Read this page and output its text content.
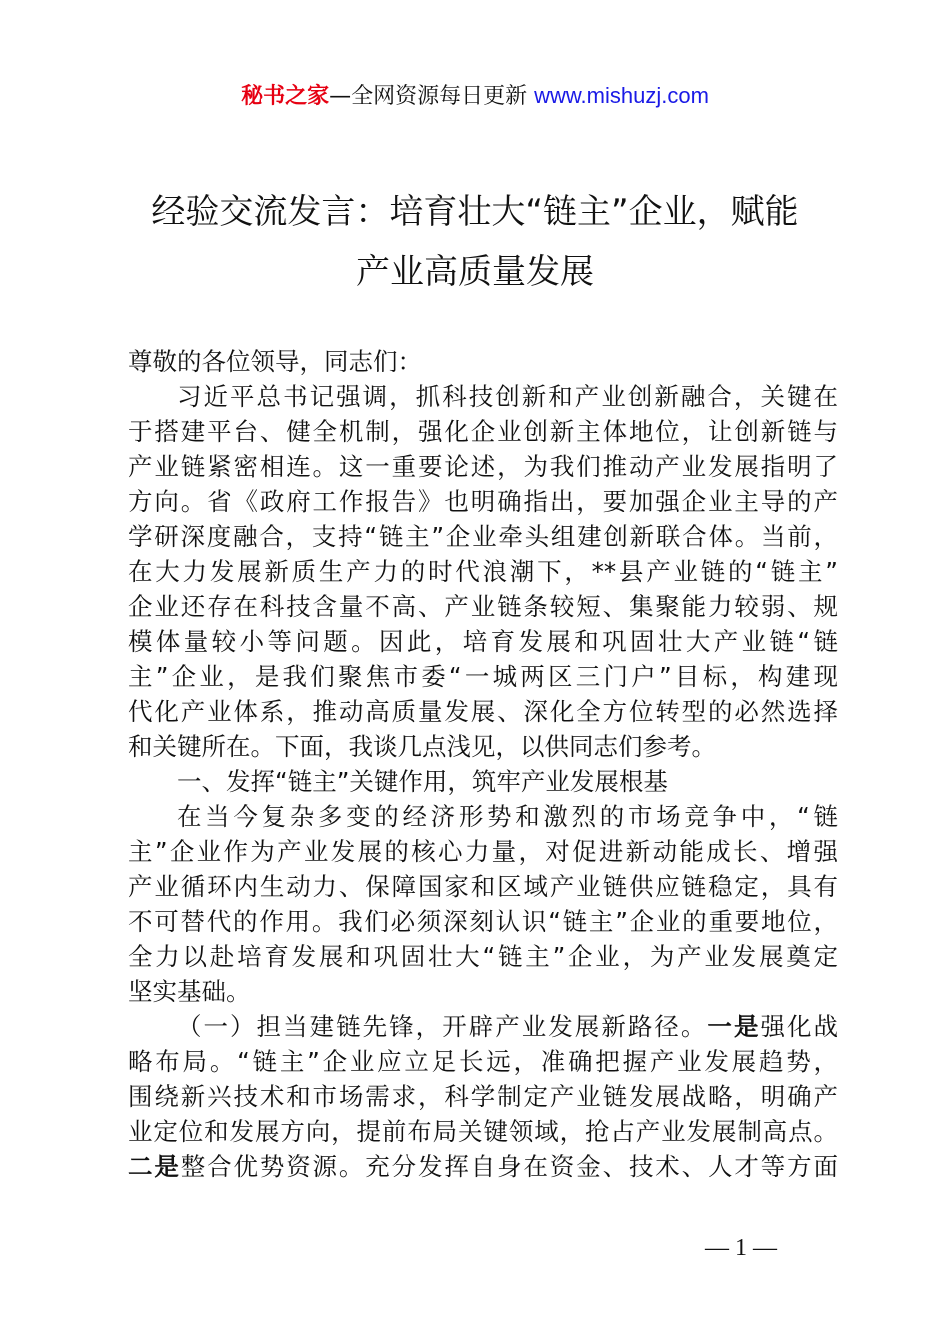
秘书之家—全网资源每日更新 www.mishuzj.com
经验交流发言：培育壮大“链主”企业，赋能
产业高质量发展

尊敬的各位领导，同志们：

习近平总书记强调，抓科技创新和产业创新融合，关键在

于搭建平台、健全机制，强化企业创新主体地位，让创新链与

产业链紧密相连。这一重要论述，为我们推动产业发展指明了

方向。省《政府工作报告》也明确指出，要加强企业主导的产

学研深度融合，支持“链主”企业牵头组建创新联合体。当前，

在大力发展新质生产力的时代浪潮下，**县产业链的“链主”

企业还存在科技含量不高、产业链条较短、集聚能力较弱、规

模体量较小等问题。因此，培育发展和巩固壮大产业链“链

主”企业，是我们聚焦市委“一城两区三门户”目标，构建现

代化产业体系，推动高质量发展、深化全方位转型的必然选择

和关键所在。下面，我谈几点浅见，以供同志们参考。

一、发挥“链主”关键作用，筑牢产业发展根基

在当今复杂多变的经济形势和激烈的市场竞争中，“链

主”企业作为产业发展的核心力量，对促进新动能成长、增强

产业循环内生动力、保障国家和区域产业链供应链稳定，具有

不可替代的作用。我们必须深刻认识“链主”企业的重要地位，

全力以赴培育发展和巩固壮大“链主”企业，为产业发展奠定

坚实基础。

（一）担当建链先锋，开辟产业发展新路径。一是强化战

略布局。“链主”企业应立足长远，准确把握产业发展趋势，

围绕新兴技术和市场需求，科学制定产业链发展战略，明确产

业定位和发展方向，提前布局关键领域，抢占产业发展制高点。

二是整合优势资源。充分发挥自身在资金、技术、人才等方面

— 1 —
